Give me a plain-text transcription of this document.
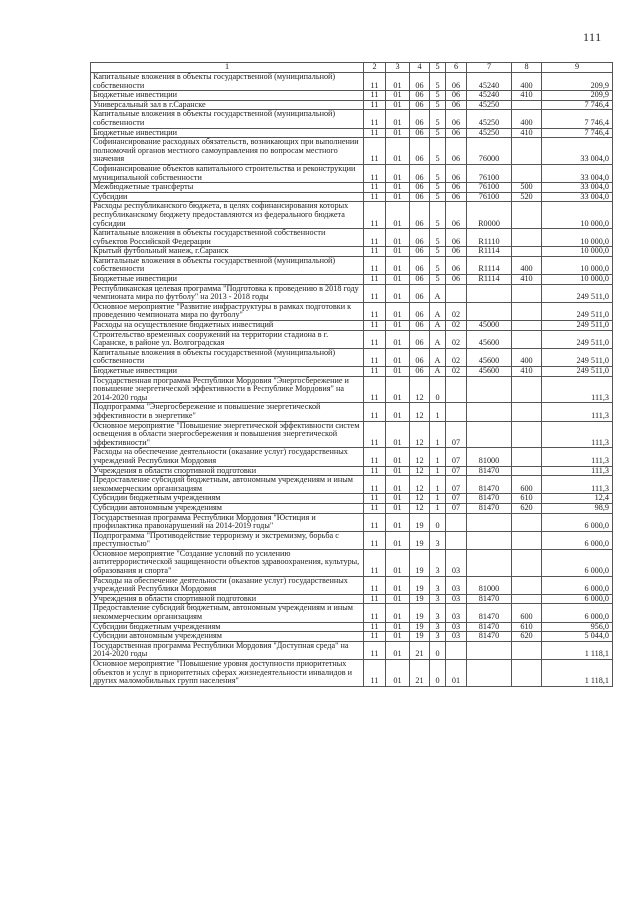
111
1	2	3	4	5	6	7	8	9
Капитальные вложения в объекты государственной (муниципальной) собственности	11	01	06	5	06	45240	400	209,9
Бюджетные инвестиции	11	01	06	5	06	45240	410	209,9
Универсальный зал в г.Саранске	11	01	06	5	06	45250		7 746,4
Капитальные вложения в объекты государственной (муниципальной) собственности	11	01	06	5	06	45250	400	7 746,4
Бюджетные инвестиции	11	01	06	5	06	45250	410	7 746,4
Софинансирование расходных обязательств, возникающих при выполнении полномочий органов местного самоуправления по вопросам местного значения	11	01	06	5	06	76000		33 004,0
Софинансирование объектов капитального строительства и реконструкции муниципальной собственности	11	01	06	5	06	76100		33 004,0
Межбюджетные трансферты	11	01	06	5	06	76100	500	33 004,0
Субсидии	11	01	06	5	06	76100	520	33 004,0
Расходы республиканского бюджета, в целях софинансирования которых республиканскому бюджету предоставляются из федерального бюджета субсидии	11	01	06	5	06	R0000		10 000,0
Капитальные вложения в объекты государственной собственности субъектов Российской Федерации	11	01	06	5	06	R1110		10 000,0
Крытый футбольный манеж, г.Саранск	11	01	06	5	06	R1114		10 000,0
Капитальные вложения в объекты государственной (муниципальной) собственности	11	01	06	5	06	R1114	400	10 000,0
Бюджетные инвестиции	11	01	06	5	06	R1114	410	10 000,0
Республиканская целевая программа "Подготовка к проведению в 2018 году чемпионата мира по футболу" на 2013 - 2018 годы	11	01	06	А				249 511,0
Основное мероприятие "Развитие инфраструктуры в рамках подготовки к проведению чемпионата мира по футболу"	11	01	06	А	02			249 511,0
Расходы на осуществление бюджетных инвестиций	11	01	06	А	02	45000		249 511,0
Строительство временных сооружений на территории стадиона в г. Саранске, в районе ул. Волгоградская	11	01	06	А	02	45600		249 511,0
Капитальные вложения в объекты государственной (муниципальной) собственности	11	01	06	А	02	45600	400	249 511,0
Бюджетные инвестиции	11	01	06	А	02	45600	410	249 511,0
Государственная программа Республики Мордовия "Энергосбережение и повышение энергетической эффективности в Республике Мордовия" на 2014-2020 годы	11	01	12	0				111,3
Подпрограмма "Энергосбережение и повышение энергетической эффективности в энергетике"	11	01	12	1				111,3
Основное мероприятие "Повышение энергетической эффективности систем освещения в области энергосбережения и повышения энергетической эффективности"	11	01	12	1	07			111,3
Расходы на обеспечение деятельности (оказание услуг) государственных учреждений Республики Мордовия	11	01	12	1	07	81000		111,3
Учреждения в области спортивной подготовки	11	01	12	1	07	81470		111,3
Предоставление субсидий бюджетным, автономным учреждениям и иным некоммерческим организациям	11	01	12	1	07	81470	600	111,3
Субсидии бюджетным учреждениям	11	01	12	1	07	81470	610	12,4
Субсидии автономным учреждениям	11	01	12	1	07	81470	620	98,9
Государственная программа Республики Мордовия "Юстиция и профилактика правонарушений на 2014-2019 годы"	11	01	19	0				6 000,0
Подпрограмма "Противодействие терроризму и экстремизму, борьба с преступностью"	11	01	19	3				6 000,0
Основное мероприятие "Создание условий по усилению антитеррористической защищенности объектов здравоохранения, культуры, образования и спорта"	11	01	19	3	03			6 000,0
Расходы на обеспечение деятельности (оказание услуг) государственных учреждений Республики Мордовия	11	01	19	3	03	81000		6 000,0
Учреждения в области спортивной подготовки	11	01	19	3	03	81470		6 000,0
Предоставление субсидий бюджетным, автономным учреждениям и иным некоммерческим организациям	11	01	19	3	03	81470	600	6 000,0
Субсидии бюджетным учреждениям	11	01	19	3	03	81470	610	956,0
Субсидии автономным учреждениям	11	01	19	3	03	81470	620	5 044,0
Государственная программа Республики Мордовия "Доступная среда" на 2014-2020 годы	11	01	21	0				1 118,1
Основное мероприятие "Повышение уровня доступности приоритетных объектов и услуг в приоритетных сферах жизнедеятельности инвалидов и других маломобильных групп населения"	11	01	21	0	01			1 118,1
